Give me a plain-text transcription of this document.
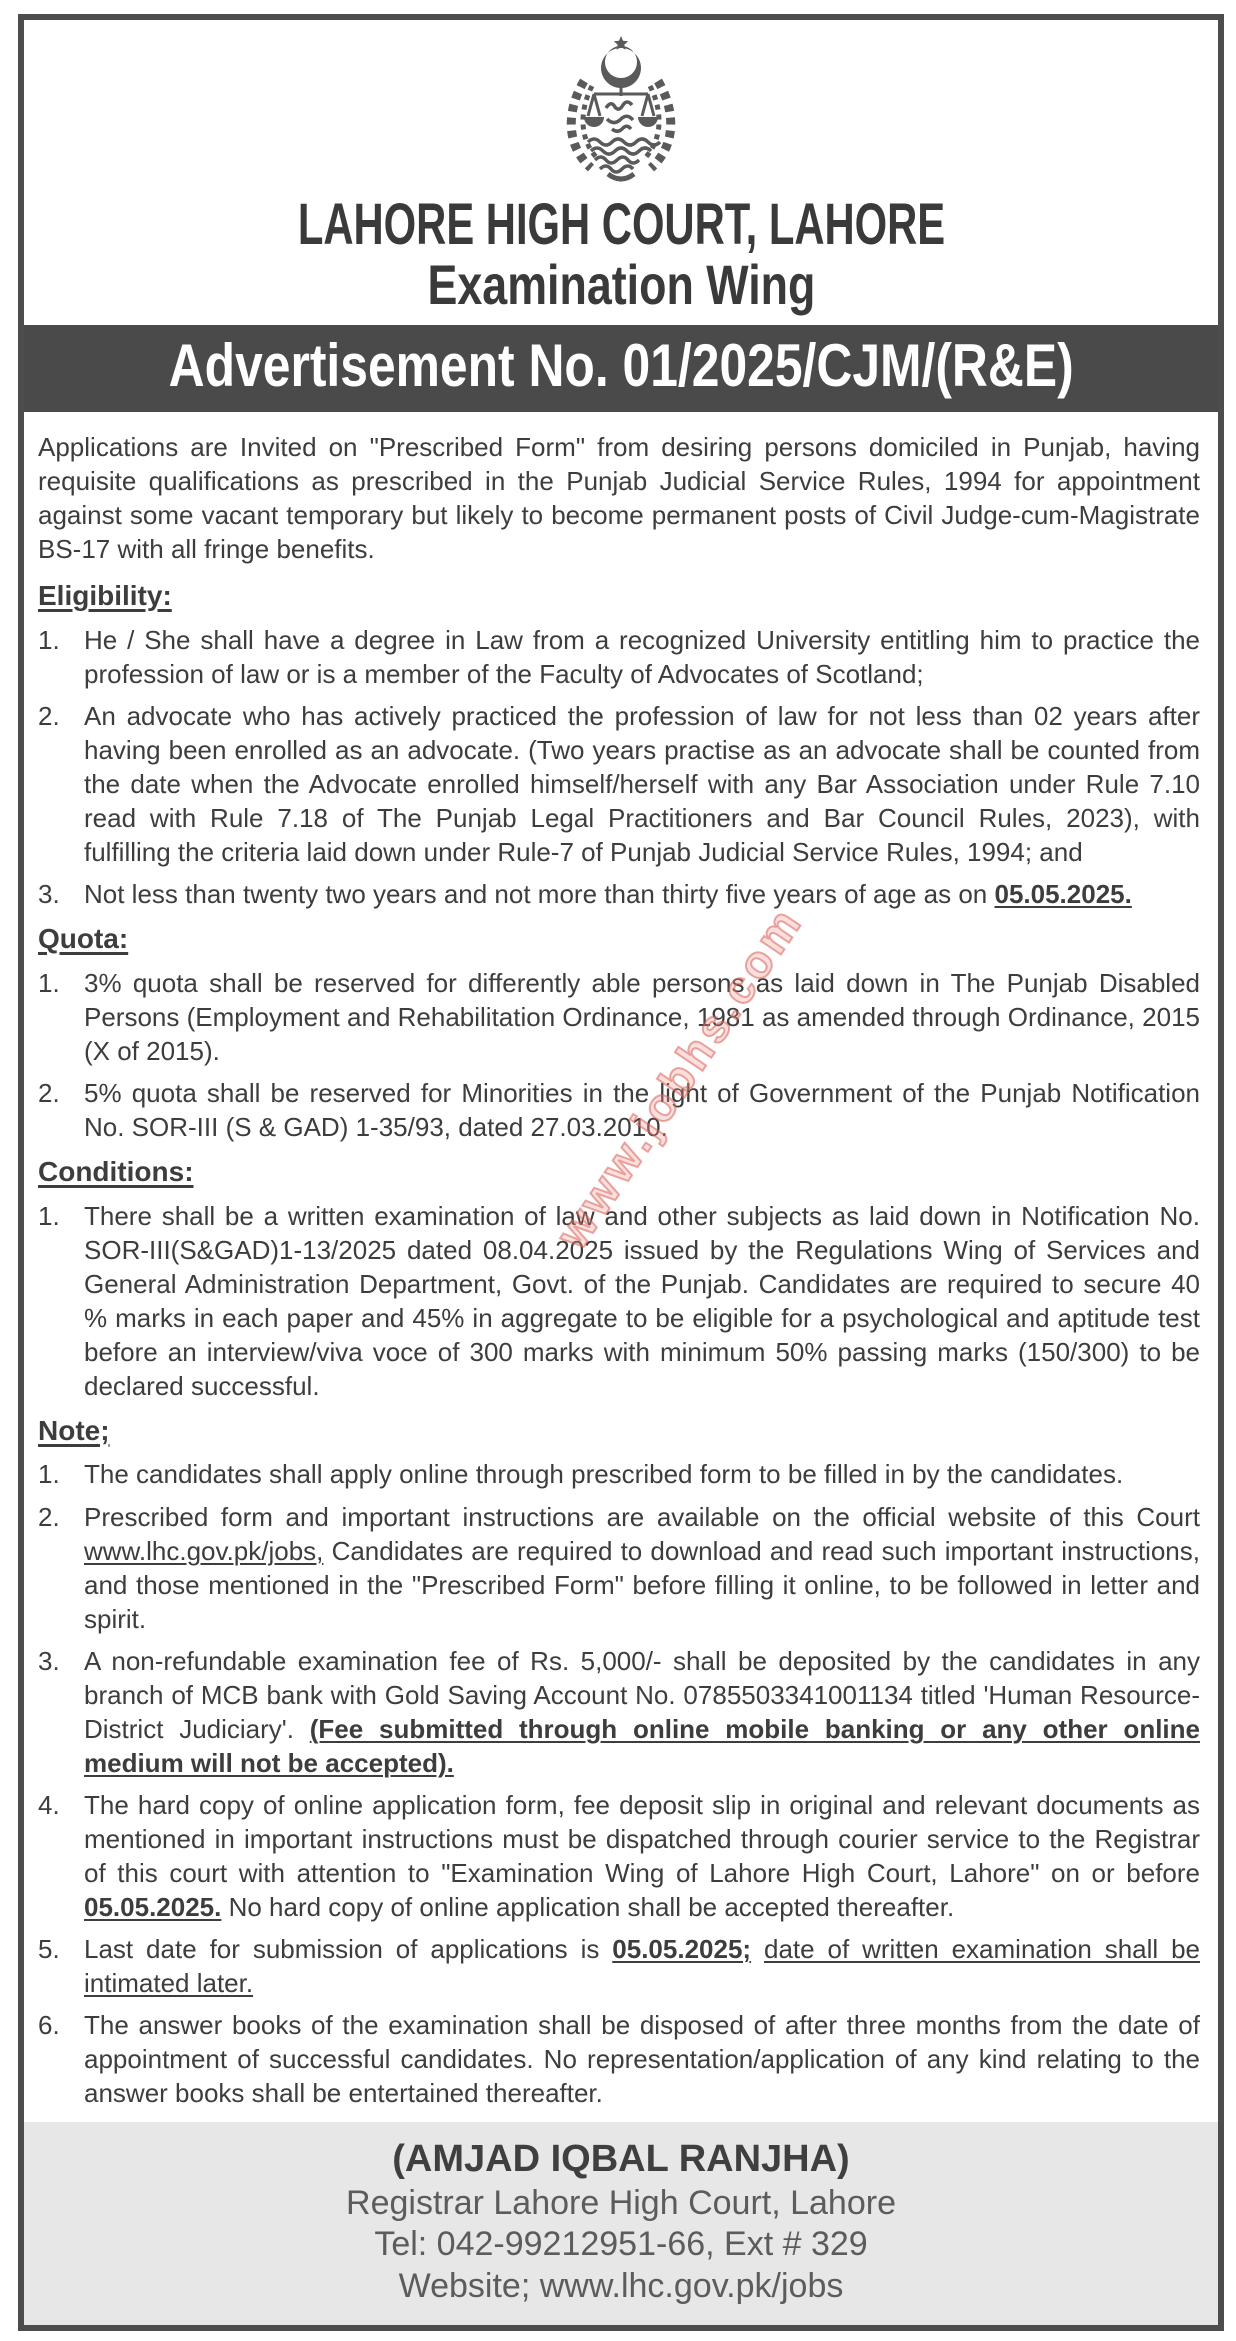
www.jobhs.com
LAHORE HIGH COURT, LAHORE
Examination Wing
Advertisement No. 01/2025/CJM/(R&E)
Applications are Invited on "Prescribed Form" from desiring persons domiciled in Punjab, having requisite qualifications as prescribed in the Punjab Judicial Service Rules, 1994 for appointment against some vacant temporary but likely to become permanent posts of Civil Judge-cum-Magistrate BS-17 with all fringe benefits.
Eligibility:
1. He / She shall have a degree in Law from a recognized University entitling him to practice the profession of law or is a member of the Faculty of Advocates of Scotland;
2. An advocate who has actively practiced the profession of law for not less than 02 years after having been enrolled as an advocate. (Two years practise as an advocate shall be counted from the date when the Advocate enrolled himself/herself with any Bar Association under Rule 7.10 read with Rule 7.18 of The Punjab Legal Practitioners and Bar Council Rules, 2023), with fulfilling the criteria laid down under Rule-7 of Punjab Judicial Service Rules, 1994; and
3. Not less than twenty two years and not more than thirty five years of age as on 05.05.2025.
Quota:
1. 3% quota shall be reserved for differently able persons as laid down in The Punjab Disabled Persons (Employment and Rehabilitation Ordinance, 1981 as amended through Ordinance, 2015 (X of 2015).
2. 5% quota shall be reserved for Minorities in the light of Government of the Punjab Notification No. SOR-III (S & GAD) 1-35/93, dated 27.03.2010.
Conditions:
1. There shall be a written examination of law and other subjects as laid down in Notification No. SOR-III(S&GAD)1-13/2025 dated 08.04.2025 issued by the Regulations Wing of Services and General Administration Department, Govt. of the Punjab. Candidates are required to secure 40 % marks in each paper and 45% in aggregate to be eligible for a psychological and aptitude test before an interview/viva voce of 300 marks with minimum 50% passing marks (150/300) to be declared successful.
Note;
1. The candidates shall apply online through prescribed form to be filled in by the candidates.
2. Prescribed form and important instructions are available on the official website of this Court www.lhc.gov.pk/jobs, Candidates are required to download and read such important instructions, and those mentioned in the "Prescribed Form" before filling it online, to be followed in letter and spirit.
3. A non-refundable examination fee of Rs. 5,000/- shall be deposited by the candidates in any branch of MCB bank with Gold Saving Account No. 0785503341001134 titled 'Human Resource-District Judiciary'. (Fee submitted through online mobile banking or any other online medium will not be accepted).
4. The hard copy of online application form, fee deposit slip in original and relevant documents as mentioned in important instructions must be dispatched through courier service to the Registrar of this court with attention to "Examination Wing of Lahore High Court, Lahore" on or before 05.05.2025. No hard copy of online application shall be accepted thereafter.
5. Last date for submission of applications is 05.05.2025; date of written examination shall be intimated later.
6. The answer books of the examination shall be disposed of after three months from the date of appointment of successful candidates. No representation/application of any kind relating to the answer books shall be entertained thereafter.
(AMJAD IQBAL RANJHA)
Registrar Lahore High Court, Lahore
Tel: 042-99212951-66, Ext # 329
Website; www.lhc.gov.pk/jobs
